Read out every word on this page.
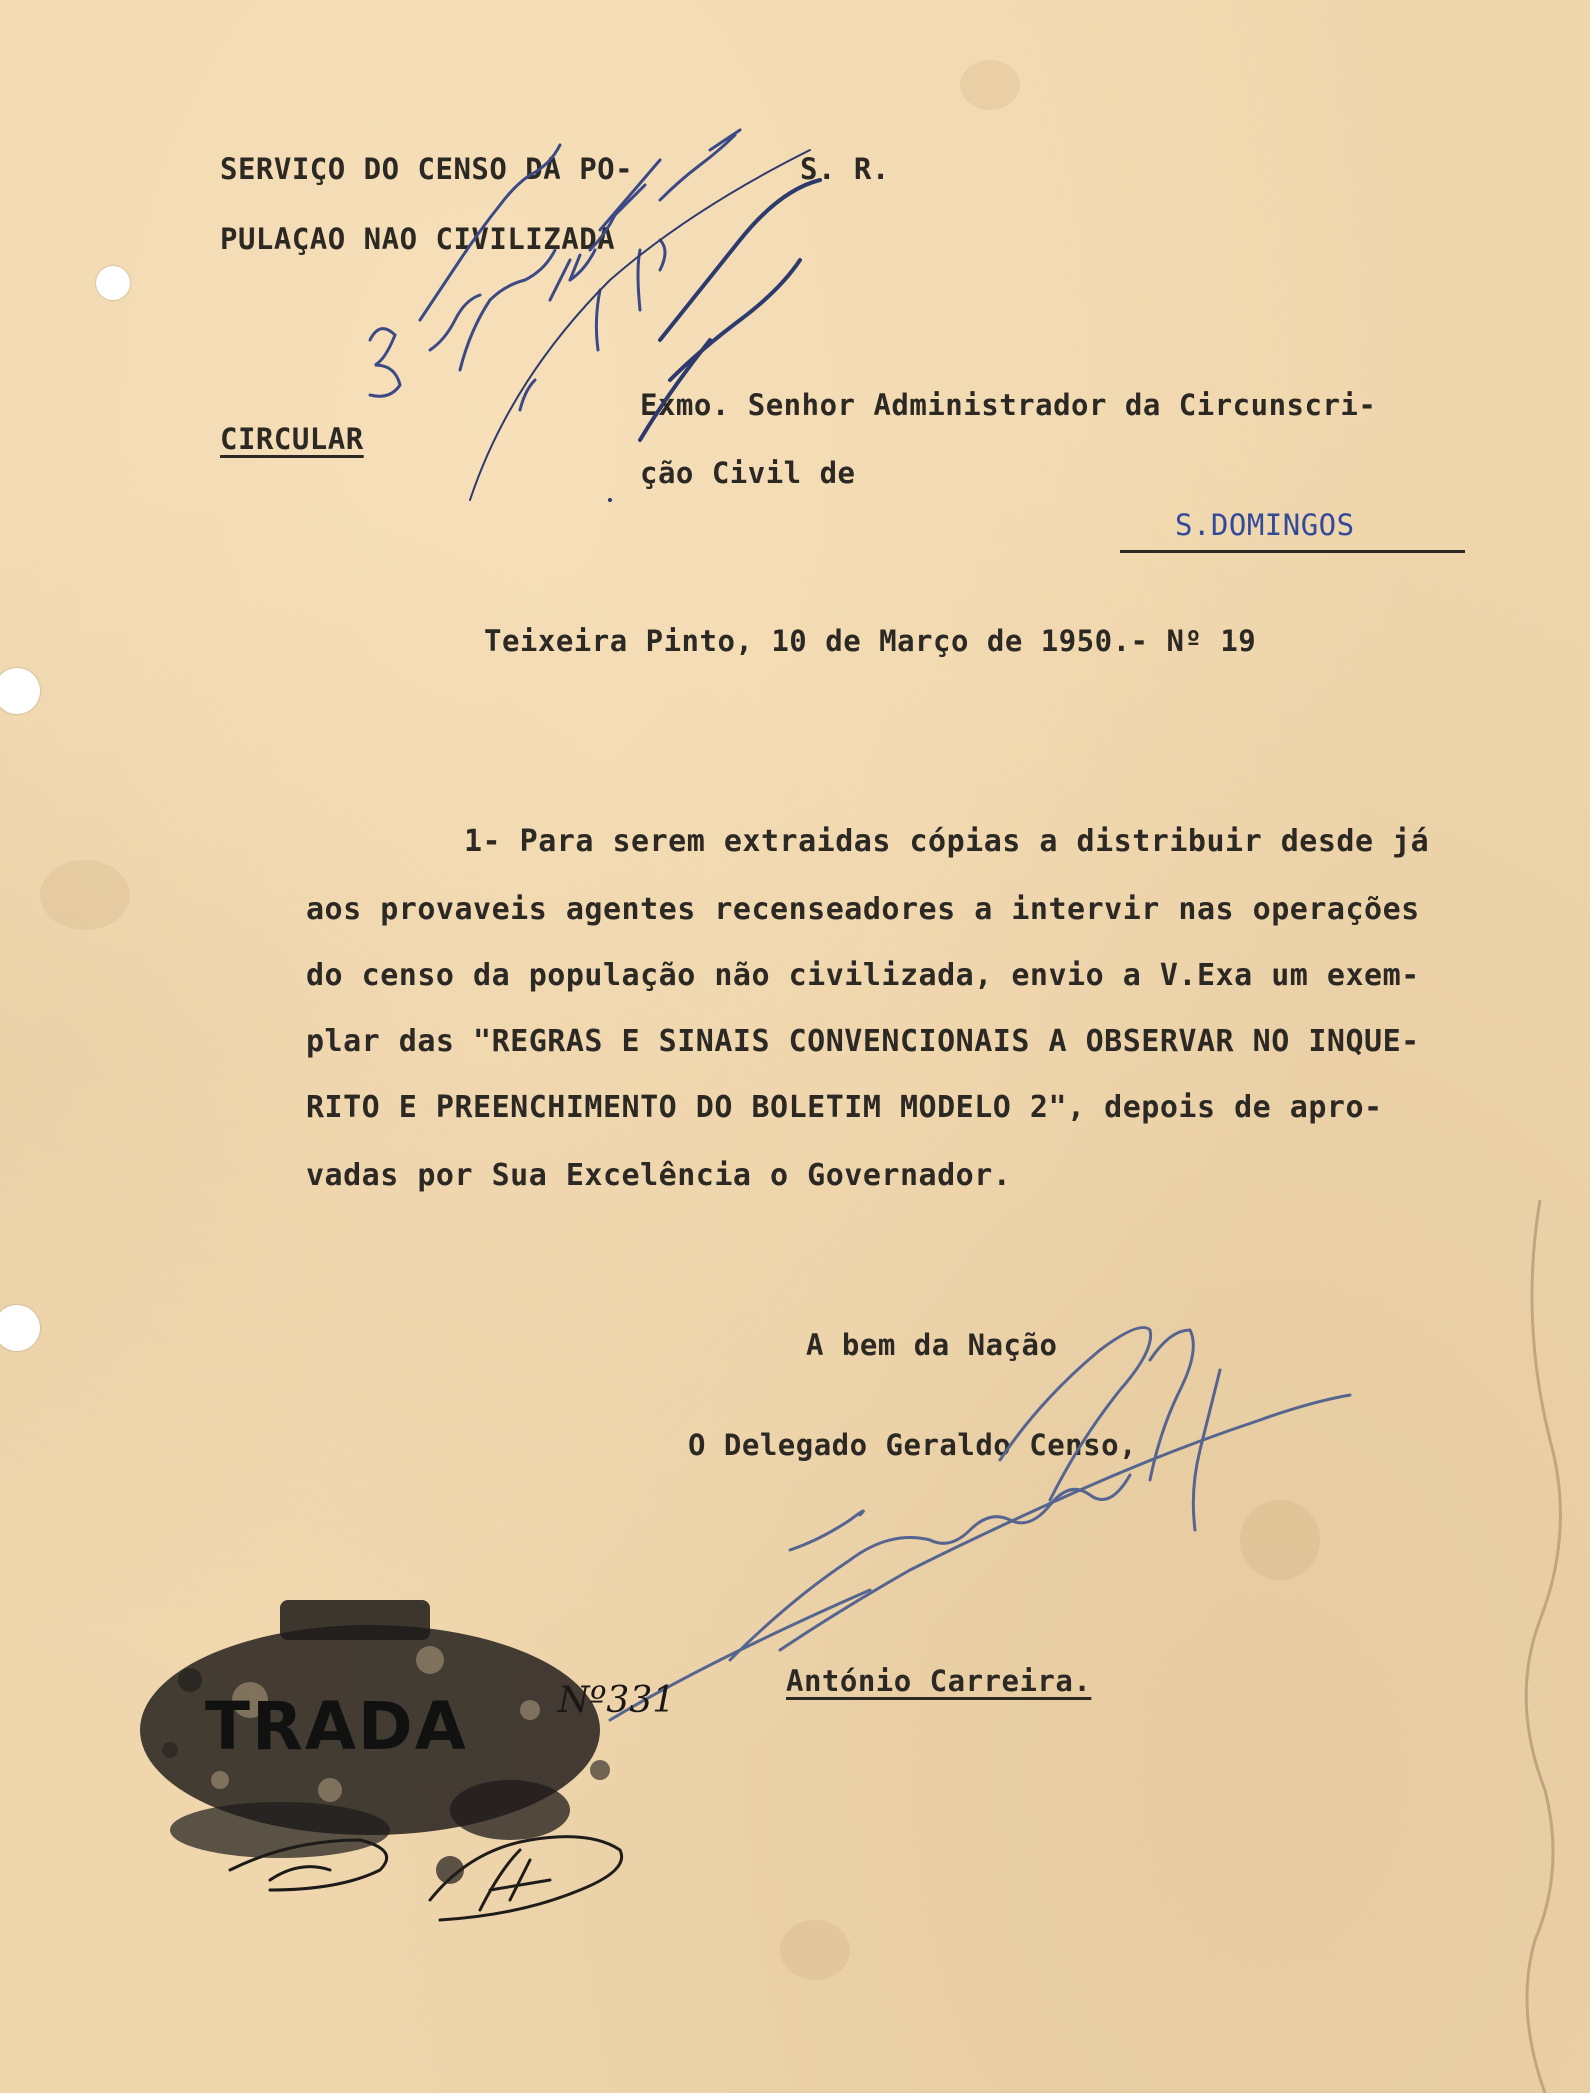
SERVIÇO DO CENSO DA PO-	S. R.
PULAÇAO NAO CIVILIZADA
CIRCULAR
Exmo. Senhor Administrador da Circunscri-
ção Civil de
S.DOMINGOS
Teixeira Pinto, 10 de Março de 1950.- Nº 19
1- Para serem extraidas cópias a distribuir desde já
aos provaveis agentes recenseadores a intervir nas operações
do censo da população não civilizada, envio a V.Exa um exem-
plar das "REGRAS E SINAIS CONVENCIONAIS A OBSERVAR NO INQUE-
RITO E PREENCHIMENTO DO BOLETIM MODELO 2", depois de apro-
vadas por Sua Excelência o Governador.
A bem da Nação
O Delegado Geraldo Censo,
António Carreira.
TRADA	Nº331
